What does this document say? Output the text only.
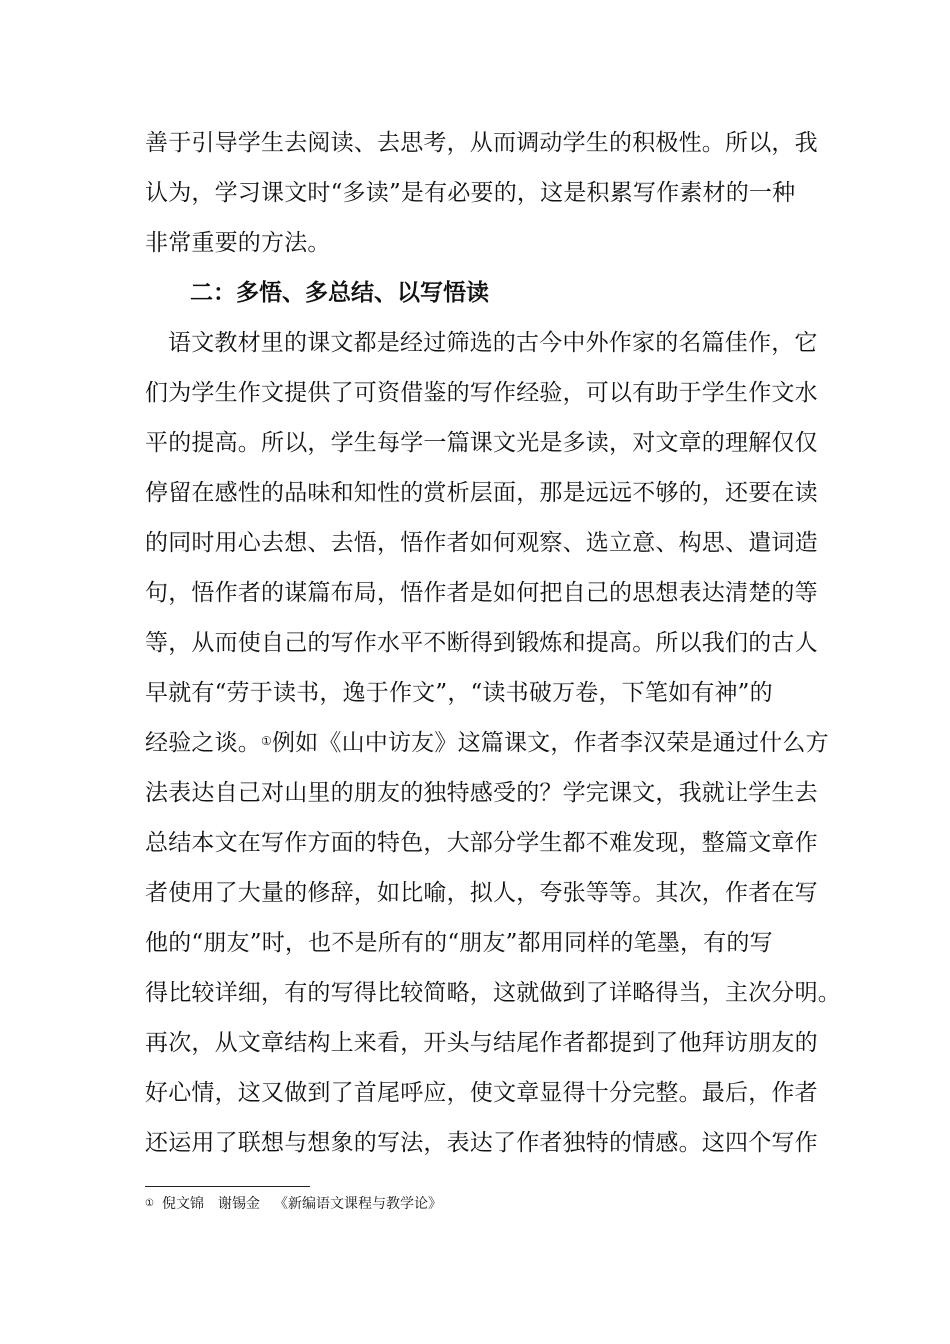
善于引导学生去阅读、去思考，从而调动学生的积极性。所以，我
认为，学习课文时“多读”是有必要的，这是积累写作素材的一种
非常重要的方法。
二：多悟、多总结、以写悟读
语文教材里的课文都是经过筛选的古今中外作家的名篇佳作，它
们为学生作文提供了可资借鉴的写作经验，可以有助于学生作文水
平的提高。所以，学生每学一篇课文光是多读，对文章的理解仅仅
停留在感性的品味和知性的赏析层面，那是远远不够的，还要在读
的同时用心去想、去悟，悟作者如何观察、选立意、构思、遣词造
句，悟作者的谋篇布局，悟作者是如何把自己的思想表达清楚的等
等，从而使自己的写作水平不断得到锻炼和提高。所以我们的古人
早就有“劳于读书，逸于作文”，“读书破万卷，下笔如有神”的
经验之谈。①例如《山中访友》这篇课文，作者李汉荣是通过什么方
法表达自己对山里的朋友的独特感受的？学完课文，我就让学生去
总结本文在写作方面的特色，大部分学生都不难发现，整篇文章作
者使用了大量的修辞，如比喻，拟人，夸张等等。其次，作者在写
他的“朋友”时，也不是所有的“朋友”都用同样的笔墨，有的写
得比较详细，有的写得比较简略，这就做到了详略得当，主次分明。
再次，从文章结构上来看，开头与结尾作者都提到了他拜访朋友的
好心情，这又做到了首尾呼应，使文章显得十分完整。最后，作者
还运用了联想与想象的写法，表达了作者独特的情感。这四个写作
① 倪文锦 谢锡金 《新编语文课程与教学论》
